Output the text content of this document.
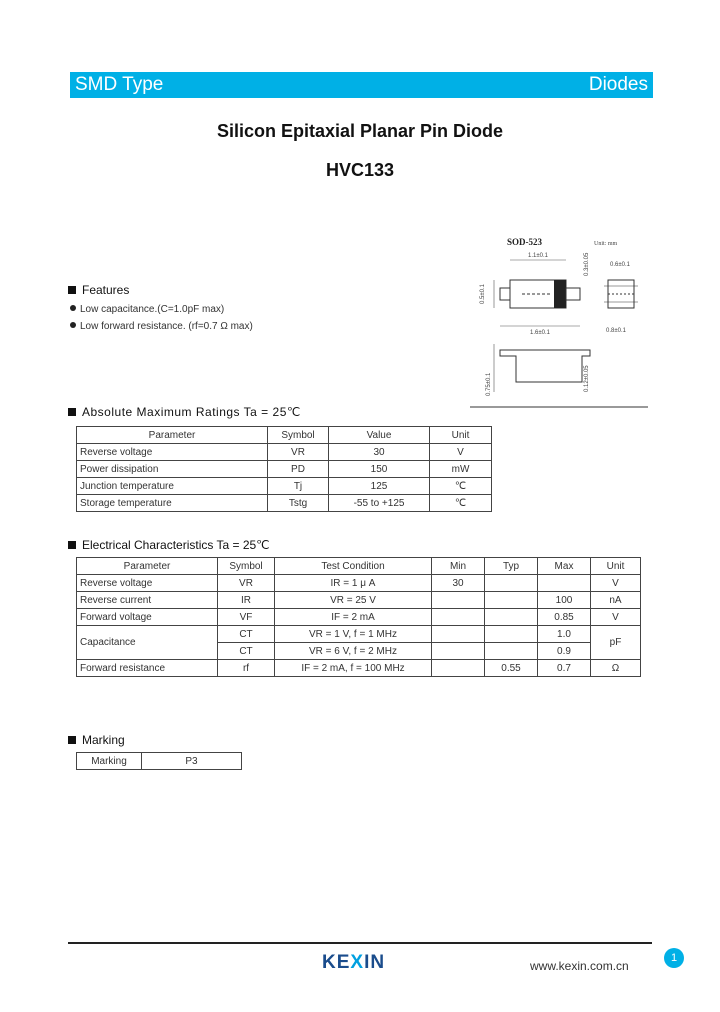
SMD Type	Diodes
Silicon Epitaxial Planar Pin Diode
HVC133
SOD-523	Unit: mm
1.1±0.1
0.5±0.1
1.6±0.1
0.3±0.05	0.6±0.1
0.8±0.1
0.75±0.1	0.12±0.05
Features
Low capacitance.(C=1.0pF max)
Low forward resistance. (rf=0.7 Ω max)
Absolute Maximum Ratings Ta = 25℃
Parameter	Symbol	Value	Unit
Reverse voltage	VR	30	V
Power dissipation	PD	150	mW
Junction temperature	Tj	125	℃
Storage temperature	Tstg	-55 to +125	℃
Electrical Characteristics Ta = 25℃
Parameter	Symbol	Test Condition	Min	Typ	Max	Unit
Reverse voltage	VR	IR = 1 μ A	30			V
Reverse current	IR	VR = 25 V			100	nA
Forward voltage	VF	IF = 2 mA			0.85	V
Capacitance	CT	VR = 1 V, f = 1 MHz			1.0	pF
	CT	VR = 6 V, f = 2 MHz			0.9	
Forward resistance	rf	IF = 2 mA, f = 100 MHz		0.55	0.7	Ω
Marking
Marking	P3
KEXIN	www.kexin.com.cn
1
